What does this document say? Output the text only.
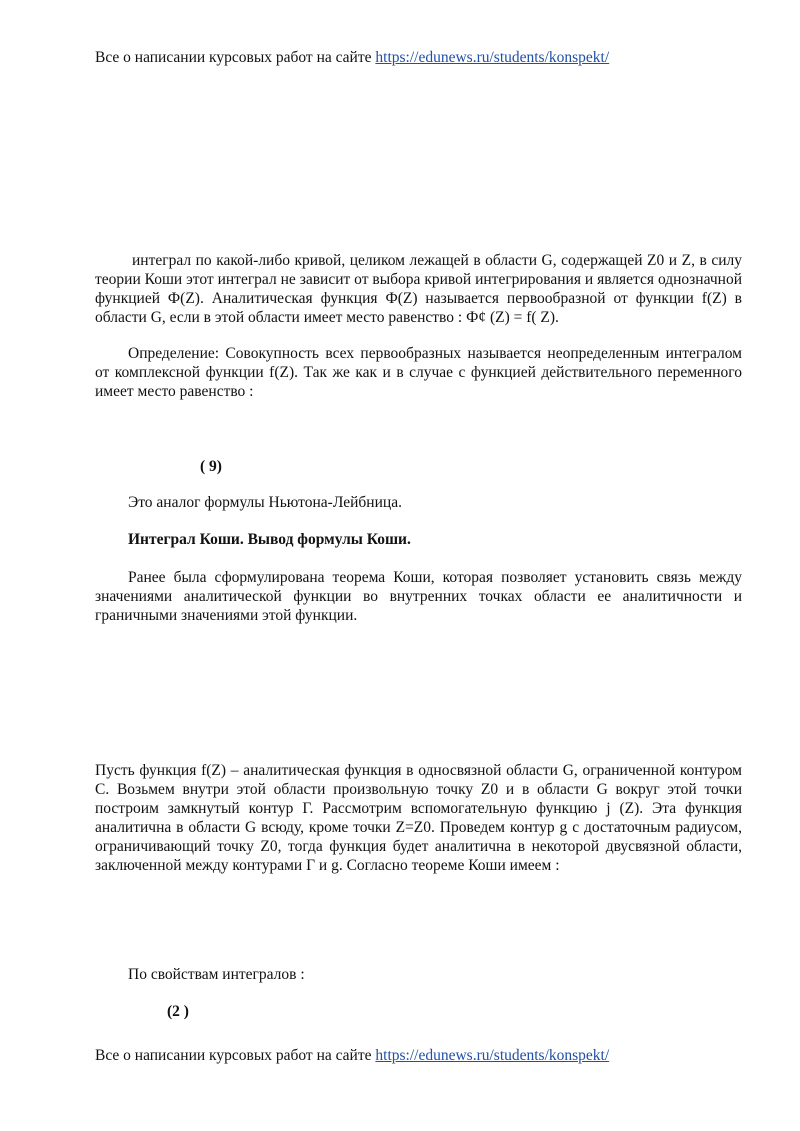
Все о написании курсовых работ на сайте https://edunews.ru/students/konspekt/

интеграл по какой-либо кривой, целиком лежащей в области G, содержащей Z0 и Z, в силу теории Коши этот интеграл не зависит от выбора кривой интегрирования и является однозначной функцией Ф(Z). Аналитическая функция Ф(Z) называется первообразной от функции f(Z) в области G, если в этой области имеет место равенство : Ф¢ (Z) = f( Z).

Определение: Совокупность всех первообразных называется неопределенным интегралом от комплексной функции f(Z). Так же как и в случае с функцией действительного переменного имеет место равенство :

( 9)

Это аналог формулы Ньютона-Лейбница.

Интеграл Коши. Вывод формулы Коши.

Ранее была сформулирована теорема Коши, которая позволяет установить связь между значениями аналитической функции во внутренних точках области ее аналитичности и граничными значениями этой функции.

Пусть функция f(Z) – аналитическая функция в односвязной области G, ограниченной контуром C. Возьмем внутри этой области произвольную точку Z0 и в области G вокруг этой точки построим замкнутый контур Г. Рассмотрим вспомогательную функцию j (Z). Эта функция аналитична в области G всюду, кроме точки Z=Z0. Проведем контур g с достаточным радиусом, ограничивающий точку Z0, тогда функция будет аналитична в некоторой двусвязной области, заключенной между контурами Г и g. Согласно теореме Коши имеем :

По свойствам интегралов :

(2 )
Все о написании курсовых работ на сайте https://edunews.ru/students/konspekt/
